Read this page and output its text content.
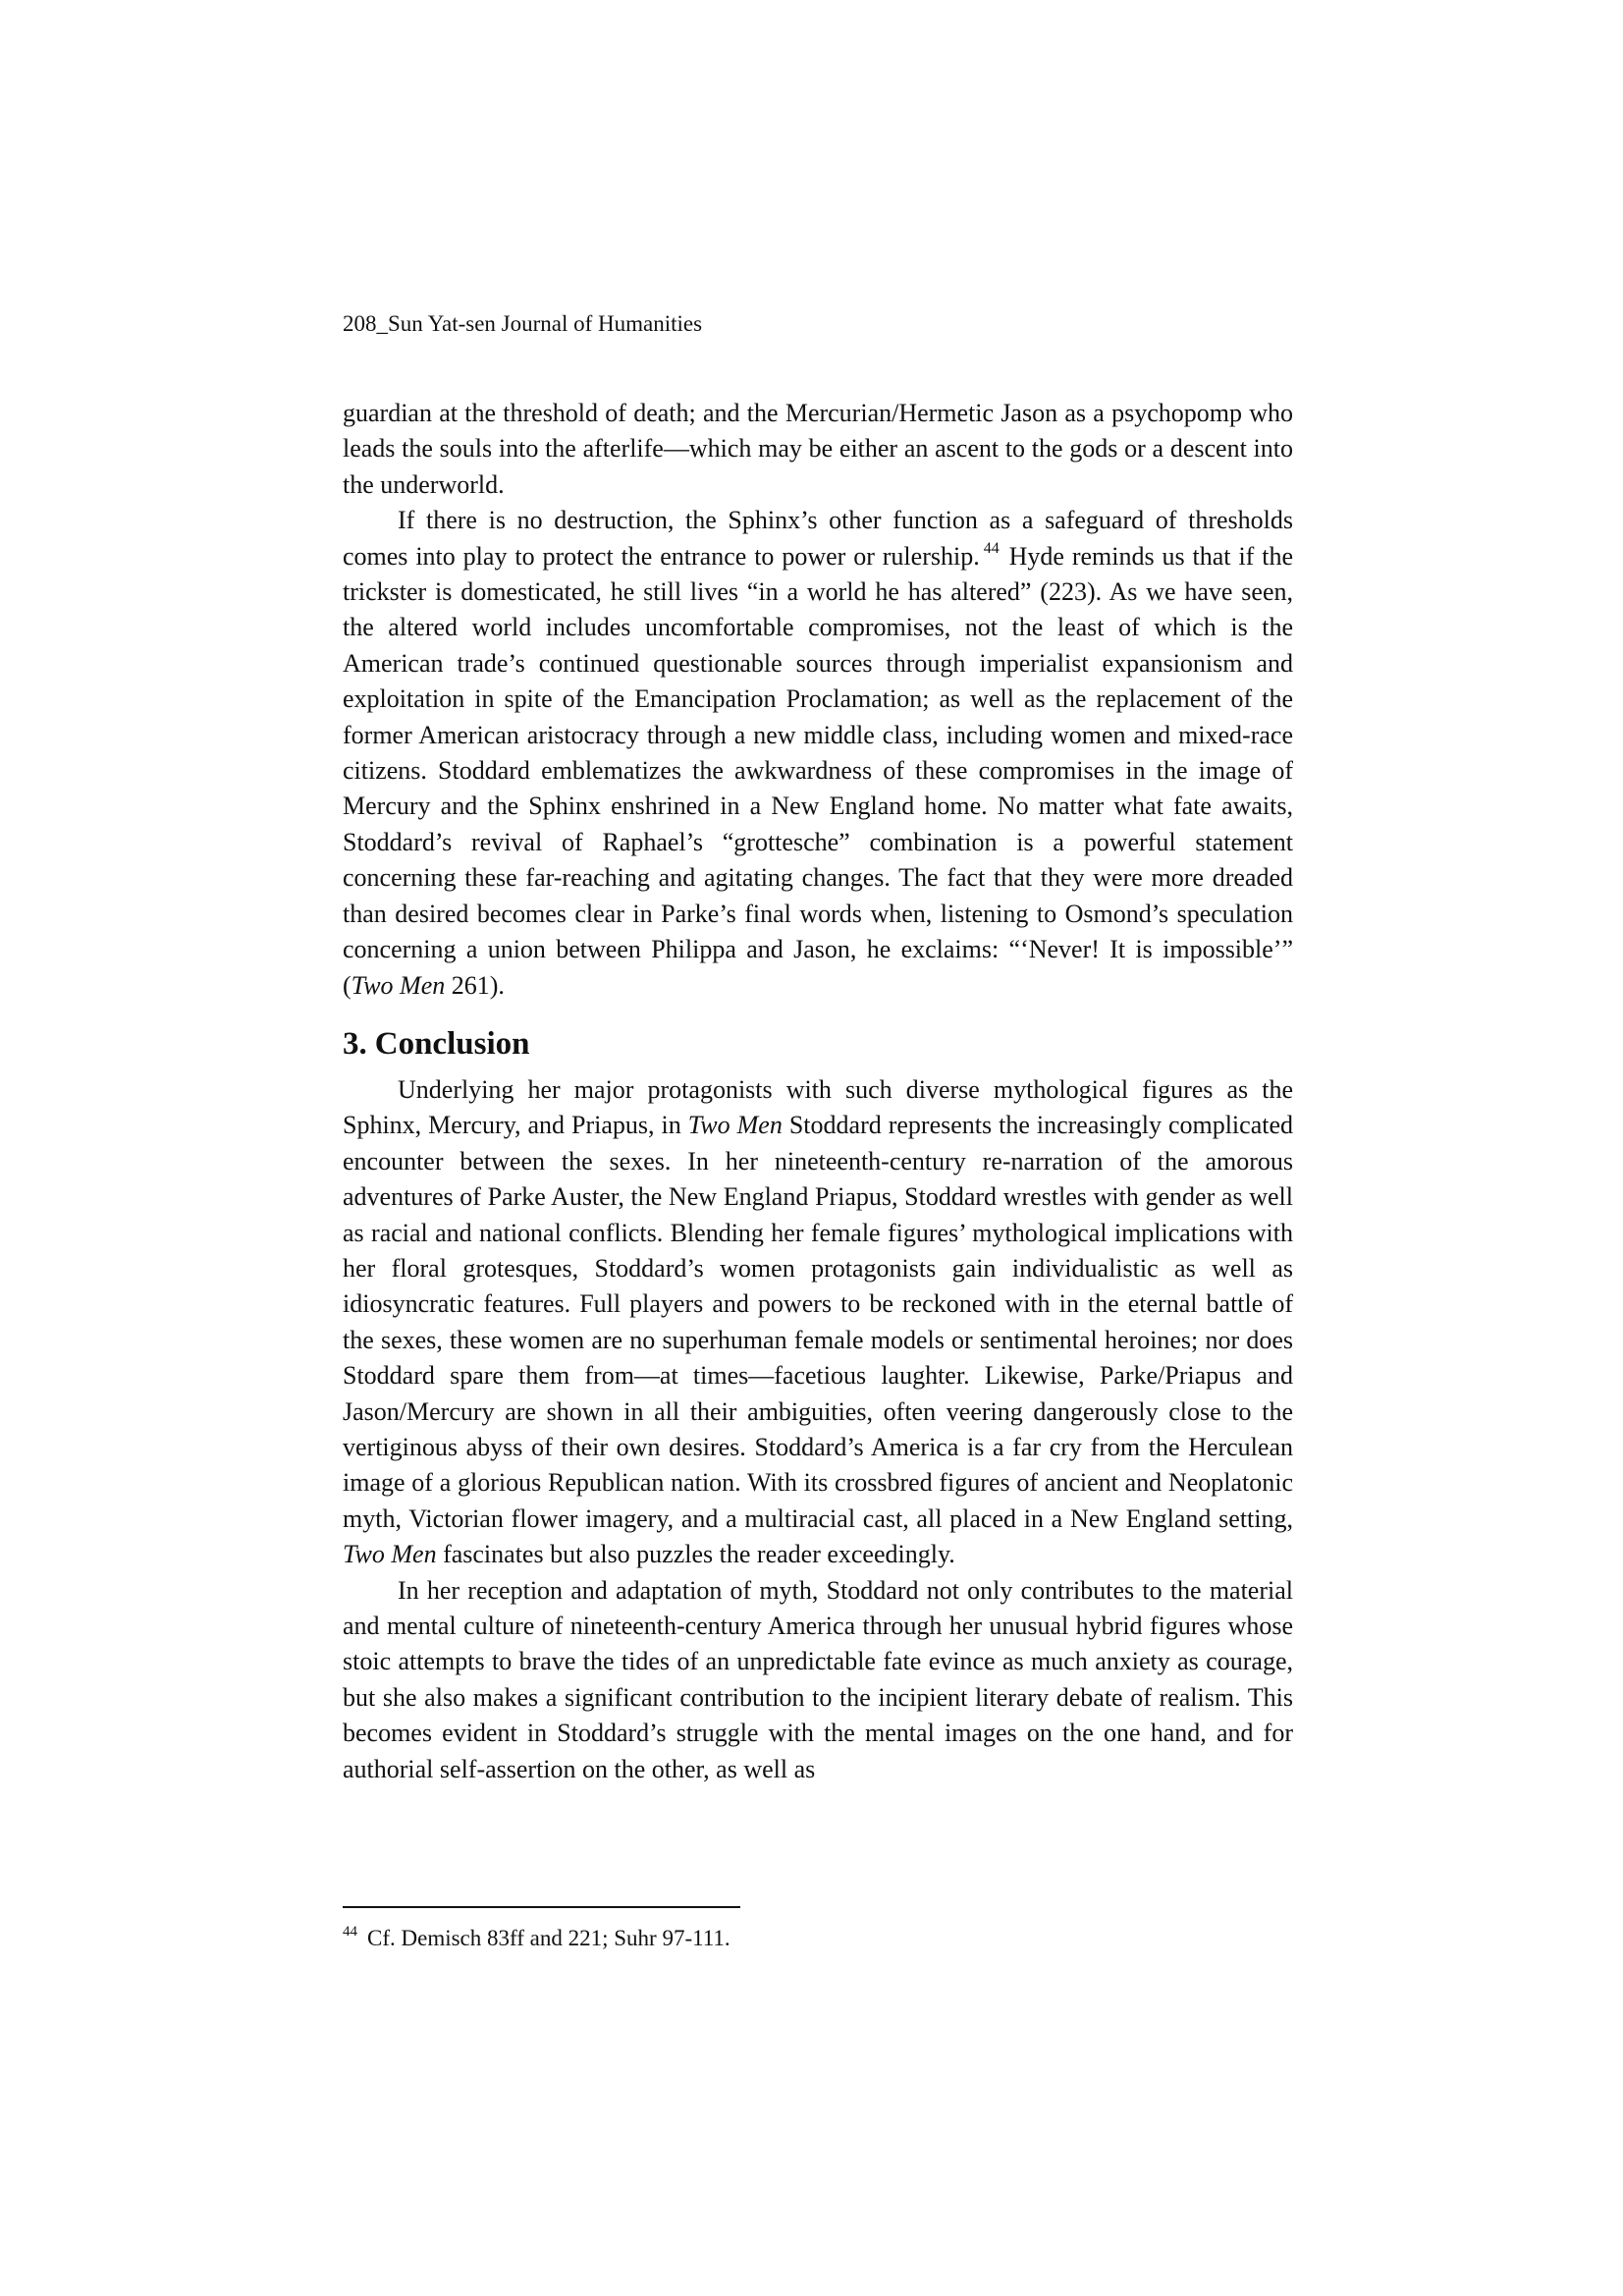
208_Sun Yat-sen Journal of Humanities

guardian at the threshold of death; and the Mercurian/Hermetic Jason as a psychopomp who leads the souls into the afterlife—which may be either an ascent to the gods or a descent into the underworld.

If there is no destruction, the Sphinx’s other function as a safeguard of thresholds comes into play to protect the entrance to power or rulership. $^{44}$ Hyde reminds us that if the trickster is domesticated, he still lives “in a world he has altered” (223). As we have seen, the altered world includes uncomfortable compromises, not the least of which is the American trade’s continued questionable sources through imperialist expansionism and exploitation in spite of the Emancipation Proclamation; as well as the replacement of the former American aristocracy through a new middle class, including women and mixed-race citizens. Stoddard emblematizes the awkwardness of these compromises in the image of Mercury and the Sphinx enshrined in a New England home. No matter what fate awaits, Stoddard’s revival of Raphael’s “grottesche” combination is a powerful statement concerning these far-reaching and agitating changes. The fact that they were more dreaded than desired becomes clear in Parke’s final words when, listening to Osmond’s speculation concerning a union between Philippa and Jason, he exclaims: “‘Never! It is impossible’” (Two Men 261).

3. Conclusion

Underlying her major protagonists with such diverse mythological figures as the Sphinx, Mercury, and Priapus, in Two Men Stoddard represents the increasingly complicated encounter between the sexes. In her nineteenth-century re-narration of the amorous adventures of Parke Auster, the New England Priapus, Stoddard wrestles with gender as well as racial and national conflicts. Blending her female figures’ mythological implications with her floral grotesques, Stoddard’s women protagonists gain individualistic as well as idiosyncratic features. Full players and powers to be reckoned with in the eternal battle of the sexes, these women are no superhuman female models or sentimental heroines; nor does Stoddard spare them from—at times—facetious laughter. Likewise, Parke/Priapus and Jason/Mercury are shown in all their ambiguities, often veering dangerously close to the vertiginous abyss of their own desires. Stoddard’s America is a far cry from the Herculean image of a glorious Republican nation. With its crossbred figures of ancient and Neoplatonic myth, Victorian flower imagery, and a multiracial cast, all placed in a New England setting, Two Men fascinates but also puzzles the reader exceedingly.

In her reception and adaptation of myth, Stoddard not only contributes to the material and mental culture of nineteenth-century America through her unusual hybrid figures whose stoic attempts to brave the tides of an unpredictable fate evince as much anxiety as courage, but she also makes a significant contribution to the incipient literary debate of realism. This becomes evident in Stoddard’s struggle with the mental images on the one hand, and for authorial self-assertion on the other, as well as

$^{44}$ Cf. Demisch 83ff and 221; Suhr 97-111.
